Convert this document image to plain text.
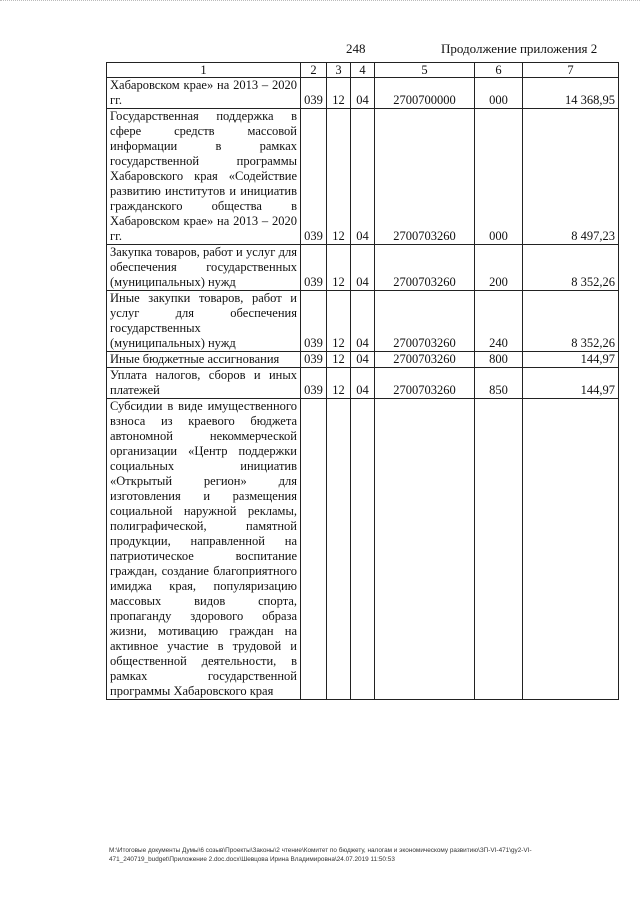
248	Продолжение приложения 2
1	2	3	4	5	6	7
Хабаровском крае» на 2013 – 2020 гг.	039	12	04	2700700000	000	14 368,95
Государственная поддержка в сфере средств массовой информации в рамках государственной программы Хабаровского края «Содействие развитию институтов и инициатив гражданского общества в Хабаровском крае» на 2013 – 2020 гг.	039	12	04	2700703260	000	8 497,23
Закупка товаров, работ и услуг для обеспечения государственных (муниципальных) нужд	039	12	04	2700703260	200	8 352,26
Иные закупки товаров, работ и услуг для обеспечения государственных (муниципальных) нужд	039	12	04	2700703260	240	8 352,26
Иные бюджетные ассигнования	039	12	04	2700703260	800	144,97
Уплата налогов, сборов и иных платежей	039	12	04	2700703260	850	144,97
Субсидии в виде имущественного взноса из краевого бюджета автономной некоммерческой организации «Центр поддержки социальных инициатив «Открытый регион» для изготовления и размещения социальной наружной рекламы, полиграфической, памятной продукции, направленной на патриотическое воспитание граждан, создание благоприятного имиджа края, популяризацию массовых видов спорта, пропаганду здорового образа жизни, мотивацию граждан на активное участие в трудовой и общественной деятельности, в рамках государственной программы Хабаровского края						
M:\Итоговые документы Думы\6 созыв\Проекты\Законы\2 чтение\Комитет по бюджету, налогам и экономическому развитию\ЗП-VI-471\gy2-VI-471_240719_budget\Приложение 2.doc.docx\Шевцова Ирина Владимировна\24.07.2019 11:50:53
